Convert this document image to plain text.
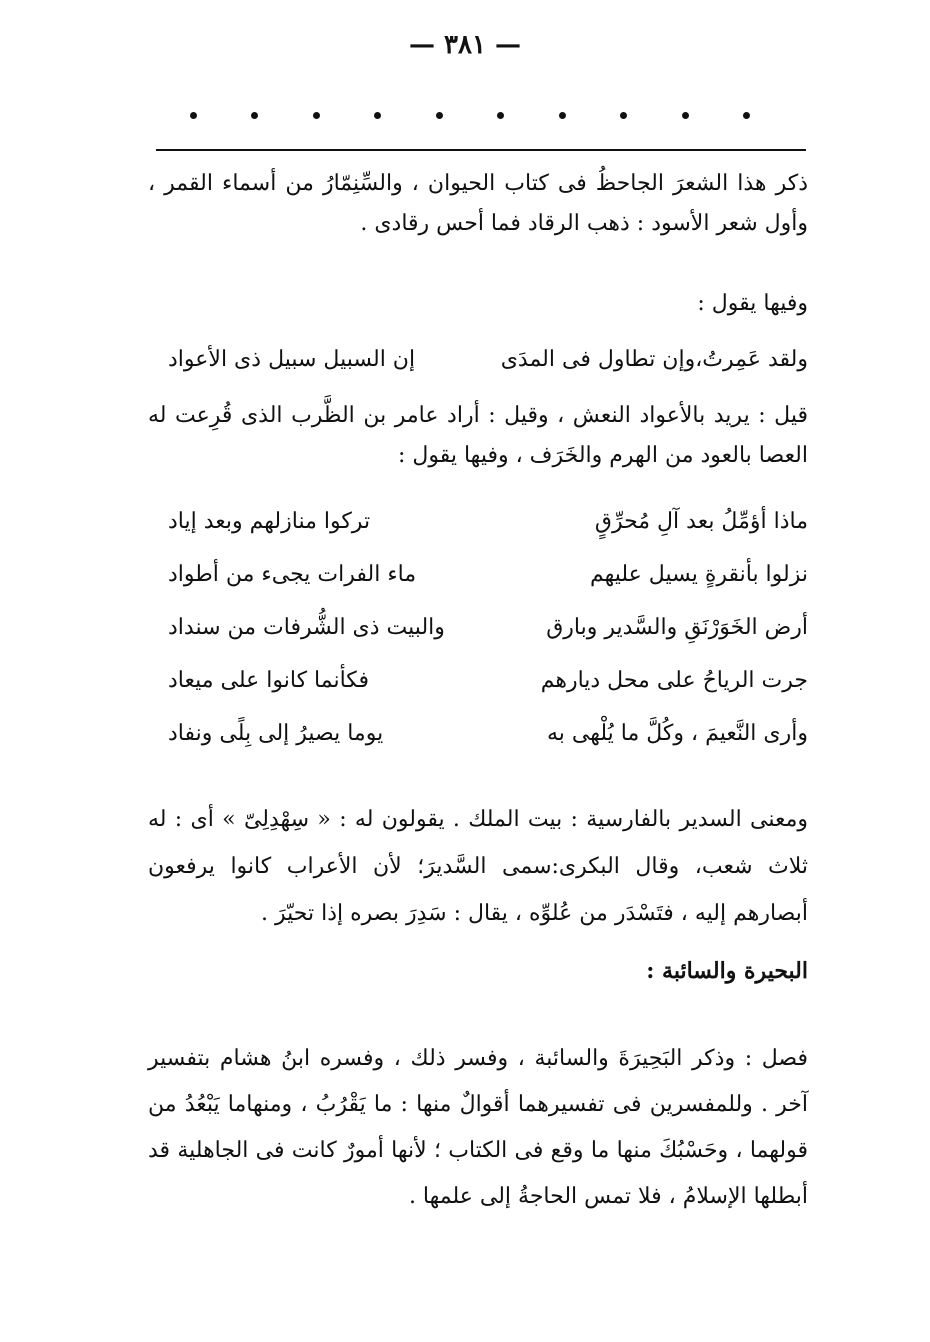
— ٣٨١ —
ذكر هذا الشعرَ الجاحظُ فى كتاب الحيوان ، والسِّنِمّارُ من أسماء القمر ، وأول شعر الأسود : ذهب الرقاد فما أحس رقادى .
وفيها يقول :
ولقد عَمِرتُ،وإن تطاول فى المدَى
إن السبيل سبيل ذى الأعواد
قيل : يريد بالأعواد النعش ، وقيل : أراد عامر بن الظَّرب الذى قُرِعت له العصا بالعود من الهرم والخَرَف ، وفيها يقول :
ماذا أؤمِّلُ بعد آلِ مُحرِّقٍ
تركوا منازلهم وبعد إياد
نزلوا بأنقرةٍ يسيل عليهم
ماء الفرات يجىء من أطواد
أرض الخَوَرْنَقِ والسَّدير وبارق
والبيت ذى الشُّرفات من سنداد
جرت الرياحُ على محل ديارهم
فكأنما كانوا على ميعاد
وأرى النَّعيمَ ، وكُلَّ ما يُلْهى به
يوما يصيرُ إلى بِلًى ونفاد
ومعنى السدير بالفارسية : بيت الملك . يقولون له : « سِهْدِلِىّ » أى : له ثلاث شعب، وقال البكرى:سمى السَّديرَ؛ لأن الأعراب كانوا يرفعون أبصارهم إليه ، فتَسْدَر من عُلوِّه ، يقال : سَدِرَ بصره إذا تحيّرَ .
البحيرة والسائبة :
فصل : وذكر البَحِيرَةَ والسائبة ، وفسر ذلك ، وفسره ابنُ هشام بتفسير آخر . وللمفسرين فى تفسيرهما أقوالٌ منها : ما يَقْرُبُ ، ومنهاما يَبْعُدُ من قولهما ، وحَسْبُكَ منها ما وقع فى الكتاب ؛ لأنها أمورٌ كانت فى الجاهلية قد أبطلها الإسلامُ ، فلا تمس الحاجةُ إلى علمها .
